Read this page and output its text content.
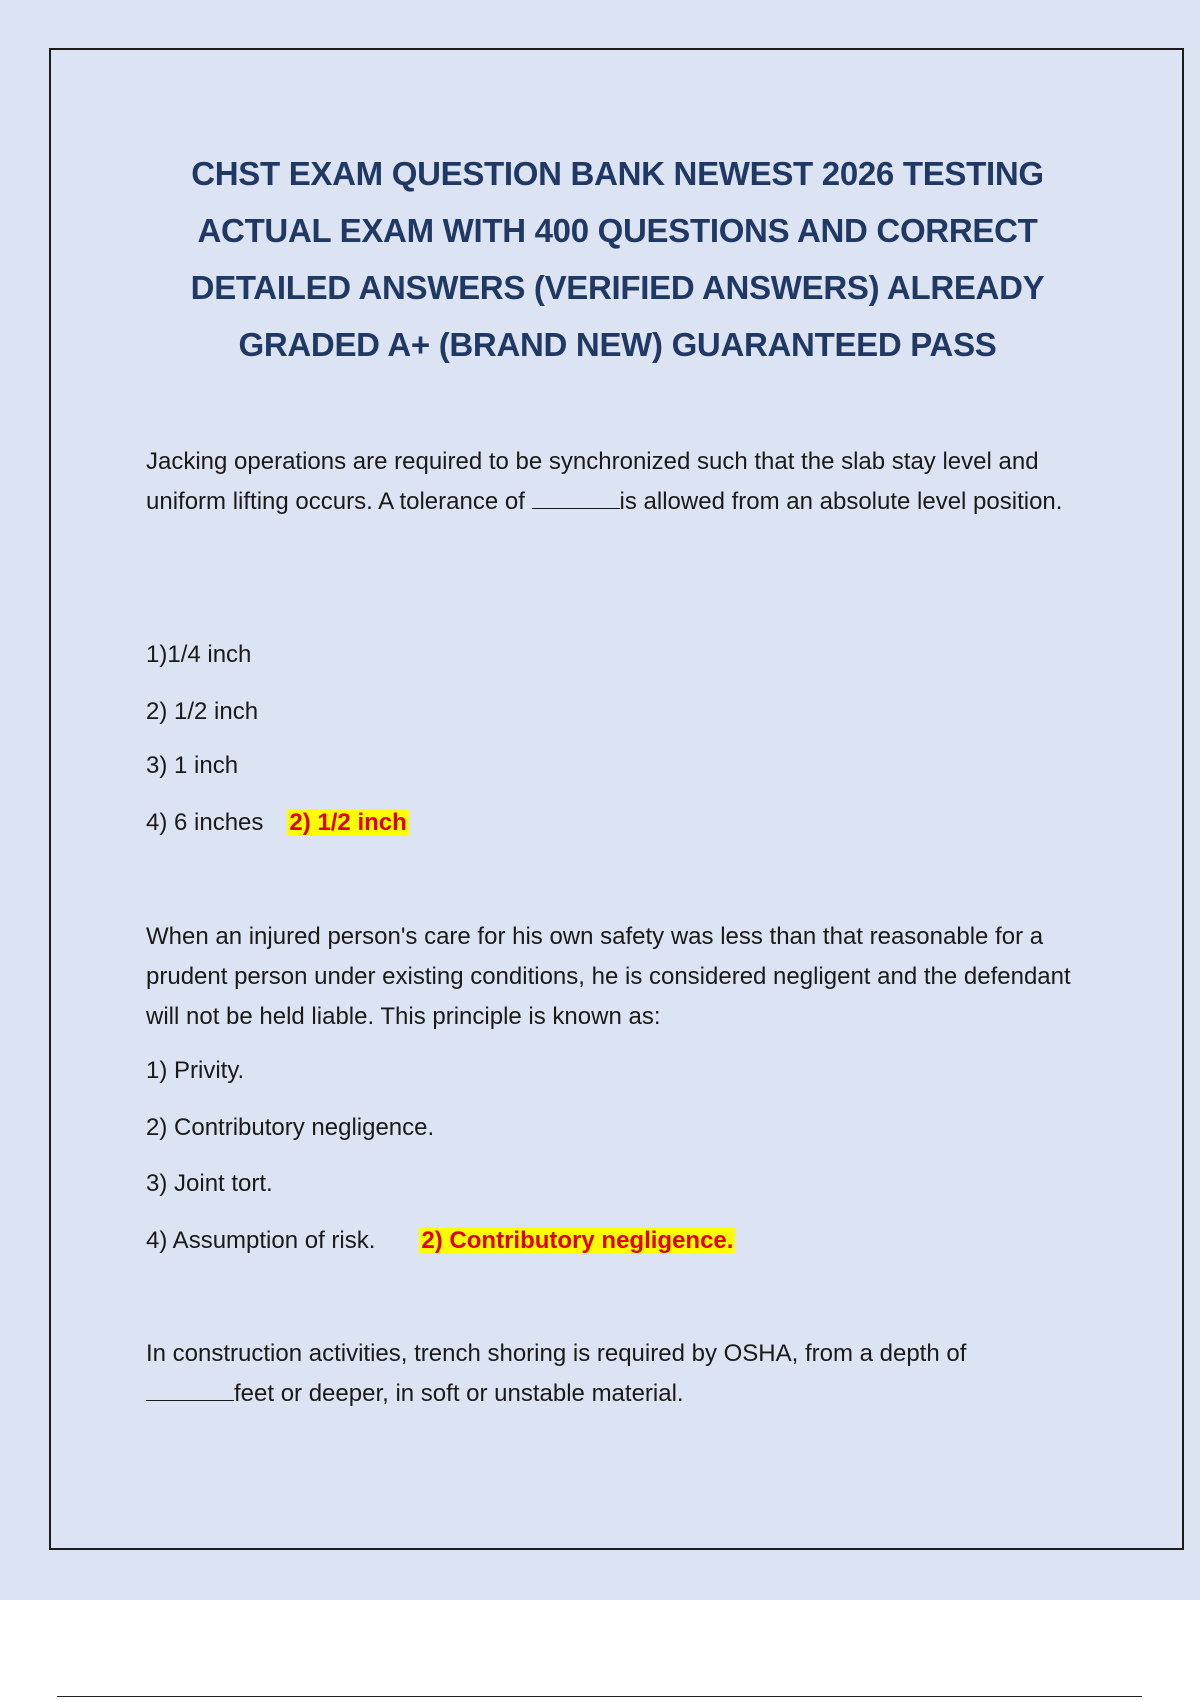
CHST EXAM QUESTION BANK NEWEST 2026 TESTING ACTUAL EXAM WITH 400 QUESTIONS AND CORRECT DETAILED ANSWERS (VERIFIED ANSWERS) ALREADY GRADED A+ (BRAND NEW) GUARANTEED PASS

Jacking operations are required to be synchronized such that the slab stay level and uniform lifting occurs. A tolerance of	is allowed from an absolute level position.

1)1/4 inch
2) 1/2 inch
3) 1 inch
4) 6 inches 2) 1/2 inch

When an injured person's care for his own safety was less than that reasonable for a prudent person under existing conditions, he is considered negligent and the defendant will not be held liable. This principle is known as:

1) Privity.
2) Contributory negligence.
3) Joint tort.
4) Assumption of risk. 2) Contributory negligence.

In construction activities, trench shoring is required by OSHA, from a depth of
feet or deeper, in soft or unstable material.
